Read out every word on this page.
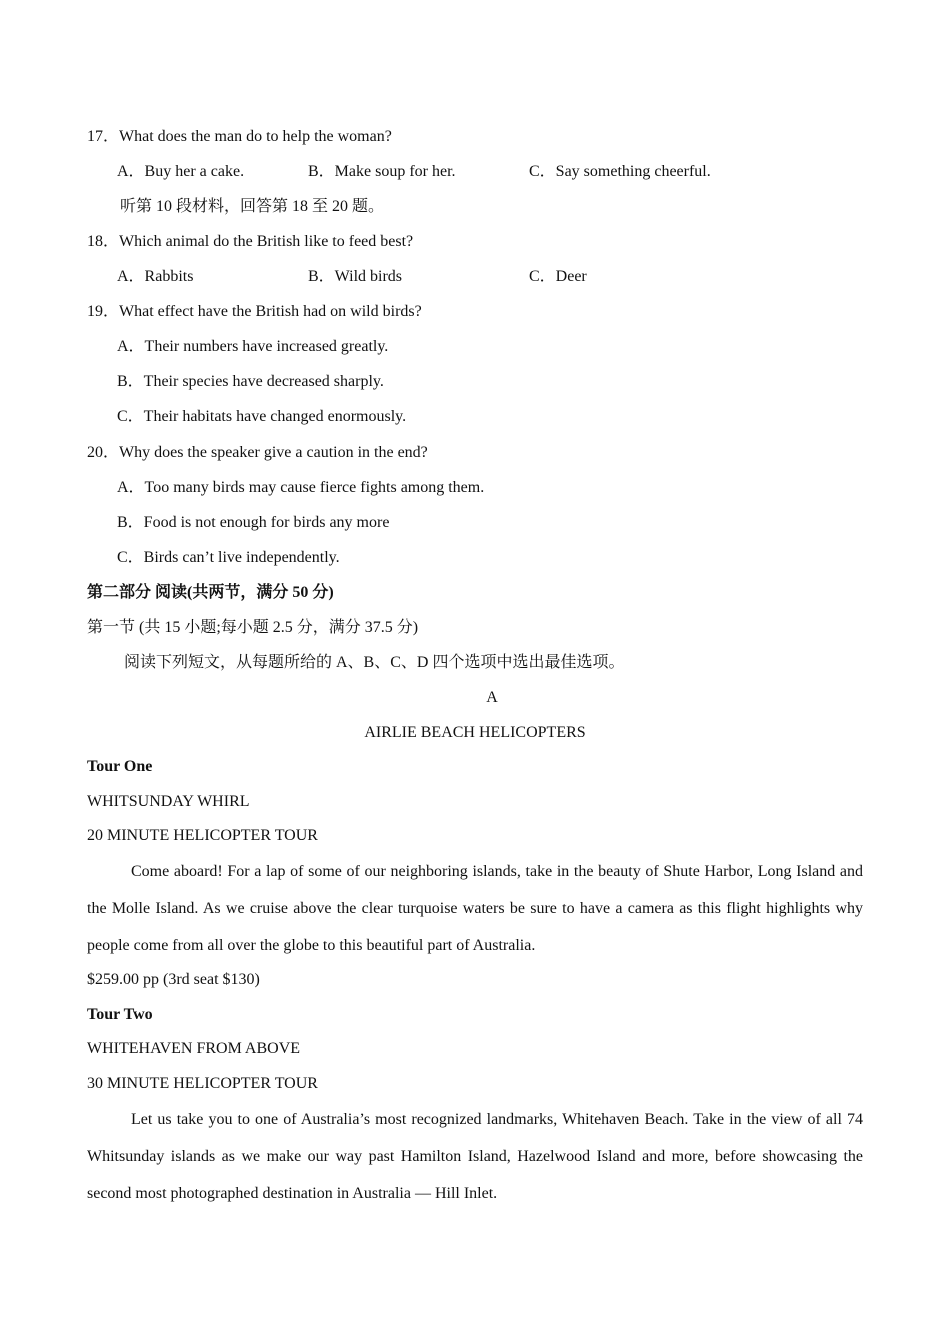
17．What does the man do to help the woman?
A．Buy her a cake.	B．Make soup for her.	C．Say something cheerful.
听第 10 段材料，回答第 18 至 20 题。
18．Which animal do the British like to feed best?
A．Rabbits	B．Wild birds	C．Deer
19．What effect have the British had on wild birds?
A．Their numbers have increased greatly.
B．Their species have decreased sharply.
C．Their habitats have changed enormously.
20．Why does the speaker give a caution in the end?
A．Too many birds may cause fierce fights among them.
B．Food is not enough for birds any more
C．Birds can’t live independently.
第二部分 阅读(共两节，满分 50 分)
第一节 (共 15 小题;每小题 2.5 分，满分 37.5 分)
阅读下列短文，从每题所给的 A、B、C、D 四个选项中选出最佳选项。
A
AIRLIE BEACH HELICOPTERS
Tour One
WHITSUNDAY WHIRL
20 MINUTE HELICOPTER TOUR
Come aboard! For a lap of some of our neighboring islands, take in the beauty of Shute Harbor, Long Island and the Molle Island. As we cruise above the clear turquoise waters be sure to have a camera as this flight highlights why people come from all over the globe to this beautiful part of Australia.
$259.00 pp (3rd seat $130)
Tour Two
WHITEHAVEN FROM ABOVE
30 MINUTE HELICOPTER TOUR
Let us take you to one of Australia’s most recognized landmarks, Whitehaven Beach. Take in the view of all 74 Whitsunday islands as we make our way past Hamilton Island, Hazelwood Island and more, before showcasing the second most photographed destination in Australia — Hill Inlet.
